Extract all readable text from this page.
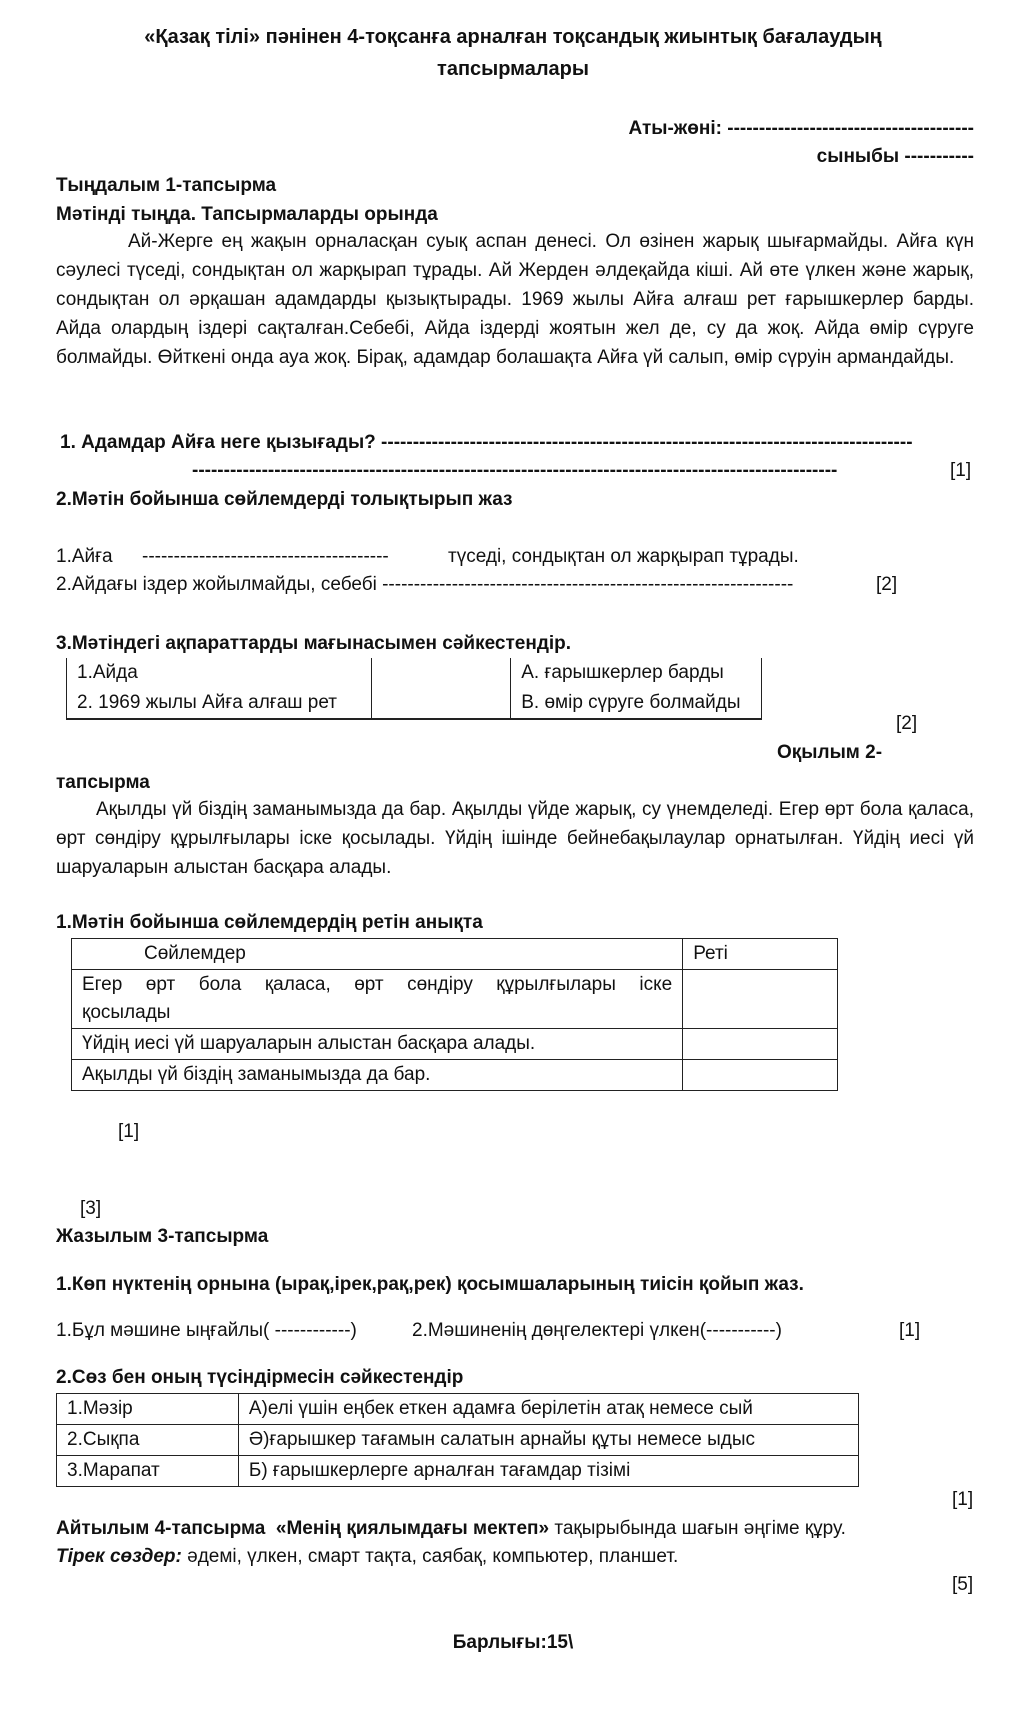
«Қазақ тілі» пәнінен 4-тоқсанға арналған тоқсандық жиынтық бағалаудың
тапсырмалары
Аты-жөні: ---------------------------------------
сыныбы -----------
Тыңдалым 1-тапсырма
Мәтінді тыңда. Тапсырмаларды орында
Ай-Жерге ең жақын орналасқан суық аспан денесі. Ол өзінен жарық шығармайды. Айға күн сәулесі түседі, сондықтан ол жарқырап тұрады. Ай Жерден әлдеқайда кіші. Ай өте үлкен және жарық, сондықтан ол әрқашан адамдарды қызықтырады. 1969 жылы Айға алғаш рет ғарышкерлер барды. Айда олардың іздері сақталған.Себебі, Айда іздерді жоятын жел де, су да жоқ. Айда өмір сүруге болмайды. Өйткені онда ауа жоқ. Бірақ, адамдар болашақта Айға үй салып, өмір сүруін армандайды.
1. Адамдар Айға неге қызығады? ------------------------------------------------------------------------------------
------------------------------------------------------------------------------------------------------	[1]
2.Мәтін бойынша сөйлемдерді толықтырып жаз
1.Айға ---------------------------------------	түседі, сондықтан ол жарқырап тұрады.
2.Айдағы іздер жойылмайды, себебі -----------------------------------------------------------------	[2]
3.Мәтіндегі ақпараттарды мағынасымен сәйкестендір.
1.Айда		А. ғарышкерлер барды
2. 1969 жылы Айға алғаш рет		В. өмір сүруге болмайды
[2]
Оқылым 2-
тапсырма
Ақылды үй біздің заманымызда да бар. Ақылды үйде жарық, су үнемделеді. Егер өрт бола қаласа, өрт сөндіру құрылғылары іске қосылады. Үйдің ішінде бейнебақылаулар орнатылған. Үйдің иесі үй шаруаларын алыстан басқара алады.
1.Мәтін бойынша сөйлемдердің ретін анықта
Сөйлемдер	Реті
Егер өрт бола қаласа, өрт сөндіру құрылғылары іске қосылады	
Үйдің иесі үй шаруаларын алыстан басқара алады.	
Ақылды үй біздің заманымызда да бар.	
[1]
[3]
Жазылым 3-тапсырма
1.Көп нүктенің орнына (ырақ,ірек,рақ,рек) қосымшаларының тиісін қойып жаз.
1.Бұл мәшине ыңғайлы( ------------)	2.Мәшиненің дөңгелектері үлкен(-----------)	[1]
2.Сөз бен оның түсіндірмесін сәйкестендір
1.Мәзір	А)елі үшін еңбек еткен адамға берілетін атақ немесе сый
2.Сықпа	Ә)ғарышкер тағамын салатын арнайы құты немесе ыдыс
3.Марапат	Б) ғарышкерлерге арналған тағамдар тізімі
[1]
Айтылым 4-тапсырма «Менің қиялымдағы мектеп» тақырыбында шағын әңгіме құру.
Тірек сөздер: әдемі, үлкен, смарт тақта, саябақ, компьютер, планшет.
[5]
Барлығы:15\
